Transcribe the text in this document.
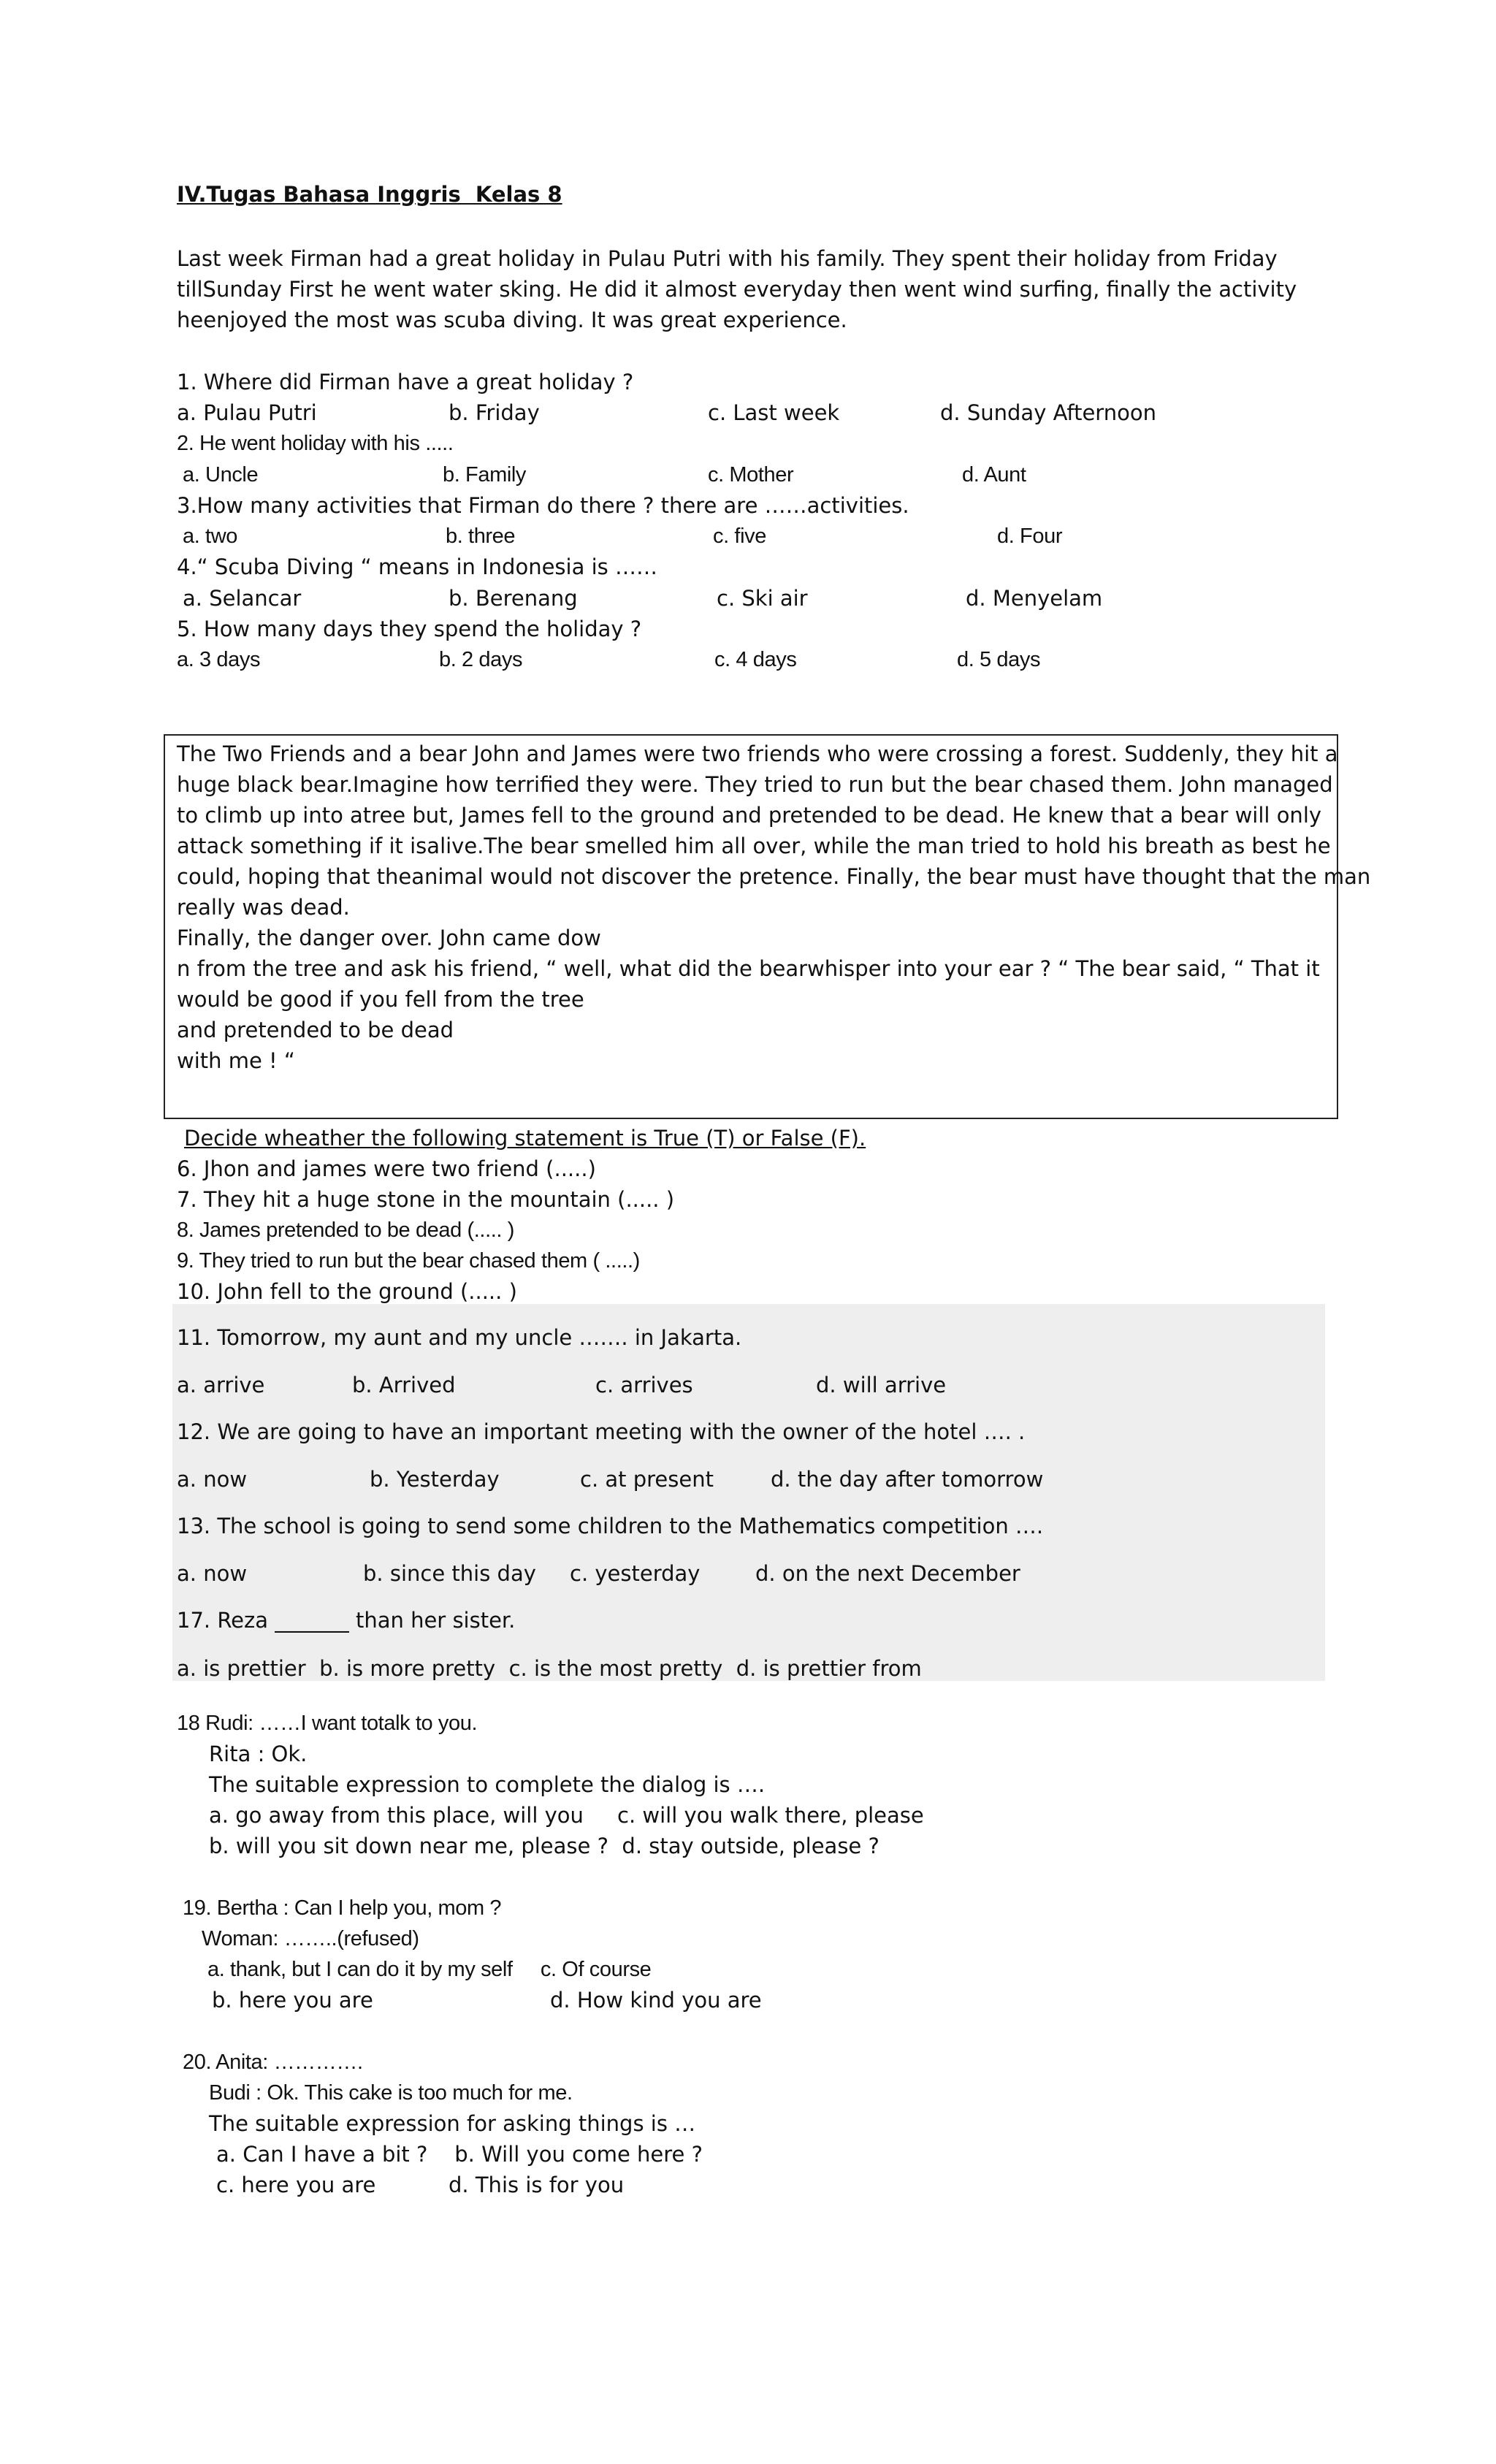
IV.Tugas Bahasa Inggris  Kelas 8
Last week Firman had a great holiday in Pulau Putri with his family. They spent their holiday from Friday
tillSunday First he went water sking. He did it almost everyday then went wind surfing, finally the activity
heenjoyed the most was scuba diving. It was great experience.
1. Where did Firman have a great holiday ?
a. Pulau Putri	b. Friday	c. Last week	d. Sunday Afternoon
2. He went holiday with his .....
a. Uncle	b. Family	c. Mother	d. Aunt
3.How many activities that Firman do there ? there are ……activities.
a. two	b. three	c. five	d. Four
4.“ Scuba Diving “ means in Indonesia is ……
a. Selancar	b. Berenang	c. Ski air	d. Menyelam
5. How many days they spend the holiday ?
a. 3 days	b. 2 days	c. 4 days	d. 5 days
The Two Friends and a bear John and James were two friends who were crossing a forest. Suddenly, they hit a
huge black bear.Imagine how terrified they were. They tried to run but the bear chased them. John managed
to climb up into atree but, James fell to the ground and pretended to be dead. He knew that a bear will only
attack something if it isalive.The bear smelled him all over, while the man tried to hold his breath as best he
could, hoping that theanimal would not discover the pretence. Finally, the bear must have thought that the man
really was dead.
Finally, the danger over. John came dow
n from the tree and ask his friend, “ well, what did the bearwhisper into your ear ? “ The bear said, “ That it
would be good if you fell from the tree
and pretended to be dead
with me ! “
Decide wheather the following statement is True (T) or False (F).
6. Jhon and james were two friend (.....)
7. They hit a huge stone in the mountain (..... )
8. James pretended to be dead (..... )
9. They tried to run but the bear chased them ( .....)
10. John fell to the ground (..... )
11. Tomorrow, my aunt and my uncle ……. in Jakarta.
a. arrive	b. Arrived	c. arrives	d. will arrive
12. We are going to have an important meeting with the owner of the hotel …. .
a. now	b. Yesterday	c. at present	d. the day after tomorrow
13. The school is going to send some children to the Mathematics competition ….
a. now	b. since this day c. yesterday	d. on the next December
17. Reza _______ than her sister.
a. is prettier  b. is more pretty  c. is the most pretty  d. is prettier from
18 Rudi: ……I want totalk to you.
Rita : Ok.
The suitable expression to complete the dialog is ….
a. go away from this place, will you     c. will you walk there, please
b. will you sit down near me, please ?  d. stay outside, please ?
19. Bertha : Can I help you, mom ?
Woman: ……..(refused)
a. thank, but I can do it by my self     c. Of course
b. here you are	d. How kind you are
20. Anita: ………….
Budi : Ok. This cake is too much for me.
The suitable expression for asking things is …
a. Can I have a bit ?    b. Will you come here ?
c. here you are	d. This is for you
